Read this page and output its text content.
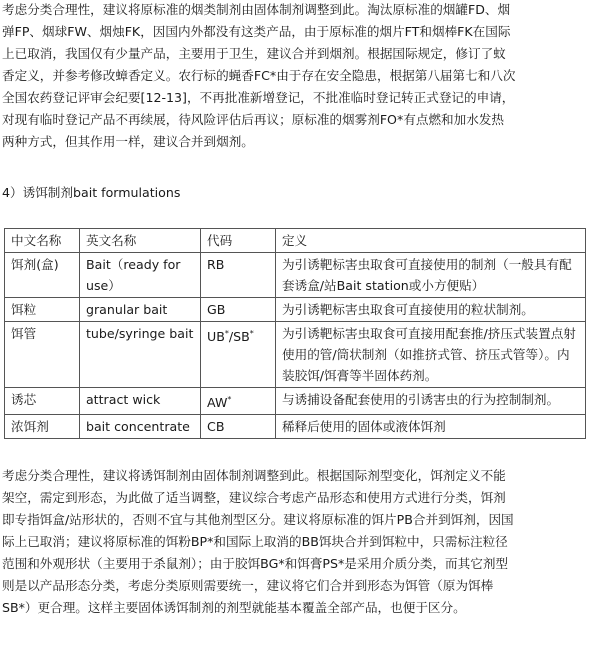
考虑分类合理性，建议将原标准的烟类制剂由固体制剂调整到此。淘汰原标准的烟罐FD、烟
弹FP、烟球FW、烟烛FK，因国内外都没有这类产品，由于原标准的烟片FT和烟棒FK在国际
上已取消，我国仅有少量产品，主要用于卫生，建议合并到烟剂。根据国际规定，修订了蚊
香定义，并参考修改蟑香定义。农行标的蝇香FC*由于存在安全隐患，根据第八届第七和八次
全国农药登记评审会纪要[12-13]，不再批准新增登记，不批准临时登记转正式登记的申请，
对现有临时登记产品不再续展，待风险评估后再议；原标准的烟雾剂FO*有点燃和加水发热
两种方式，但其作用一样，建议合并到烟剂。
4）诱饵制剂bait formulations
中文名称	英文名称	代码	定义
饵剂(盒)	Bait（ready for
use）	RB	为引诱靶标害虫取食可直接使用的制剂（一般具有配
套诱盒/站Bait station或小方便贴）

饵粒	granular bait	GB	为引诱靶标害虫取食可直接使用的粒状制剂。

饵管	tube/syringe bait	UB*/SB*	为引诱靶标害虫取食可直接用配套推/挤压式装置点射
使用的管/筒状制剂（如推挤式管、挤压式管等）。内
装胶饵/饵膏等半固体药剂。

诱芯	attract wick	AW*	与诱捕设备配套使用的引诱害虫的行为控制制剂。

浓饵剂	bait concentrate	CB	稀释后使用的固体或液体饵剂
考虑分类合理性，建议将诱饵制剂由固体制剂调整到此。根据国际剂型变化，饵剂定义不能
架空，需定到形态，为此做了适当调整，建议综合考虑产品形态和使用方式进行分类，饵剂
即专指饵盒/站形状的，否则不宜与其他剂型区分。建议将原标准的饵片PB合并到饵剂，因国
际上已取消；建议将原标准的饵粉BP*和国际上取消的BB饵块合并到饵粒中，只需标注粒径
范围和外观形状（主要用于杀鼠剂）；由于胶饵BG*和饵膏PS*是采用介质分类，而其它剂型
则是以产品形态分类，考虑分类原则需要统一，建议将它们合并到形态为饵管（原为饵棒
SB*）更合理。这样主要固体诱饵制剂的剂型就能基本覆盖全部产品，也便于区分。
